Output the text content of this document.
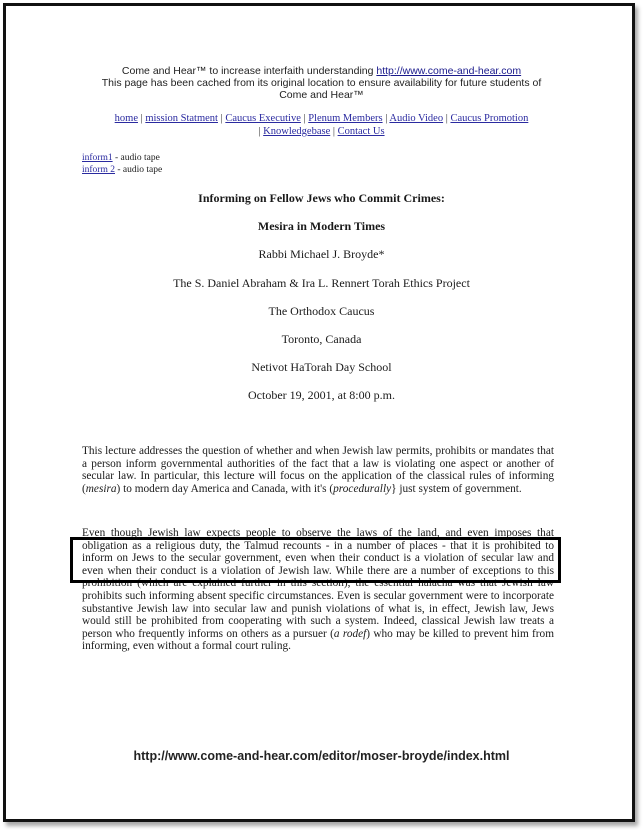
Come and Hear™ to increase interfaith understanding http://www.come-and-hear.com
This page has been cached from its original location to ensure availability for future students of
Come and Hear™
home | mission Statment | Caucus Executive | Plenum Members | Audio Video | Caucus Promotion
| Knowledgebase | Contact Us
inform1 - audio tape
inform 2 - audio tape
Informing on Fellow Jews who Commit Crimes:
Mesira in Modern Times
Rabbi Michael J. Broyde*
The S. Daniel Abraham & Ira L. Rennert Torah Ethics Project
The Orthodox Caucus
Toronto, Canada
Netivot HaTorah Day School
October 19, 2001, at 8:00 p.m.
This lecture addresses the question of whether and when Jewish law permits, prohibits or mandates that a person inform governmental authorities of the fact that a law is violating one aspect or another of secular law. In particular, this lecture will focus on the application of the classical rules of informing (mesira) to modern day America and Canada, with it's (procedurally} just system of government.
Even though Jewish law expects people to observe the laws of the land, and even imposes that obligation as a religious duty, the Talmud recounts - in a number of places - that it is prohibited to inform on Jews to the secular government, even when their conduct is a violation of secular law and even when their conduct is a violation of Jewish law. While there are a number of exceptions to this prohibition (which are explained further in this section), the essential halacha was that Jewish law prohibits such informing absent specific circumstances. Even is secular government were to incorporate substantive Jewish law into secular law and punish violations of what is, in effect, Jewish law, Jews would still be prohibited from cooperating with such a system. Indeed, classical Jewish law treats a person who frequently informs on others as a pursuer (a rodef) who may be killed to prevent him from informing, even without a formal court ruling.
http://www.come-and-hear.com/editor/moser-broyde/index.html
